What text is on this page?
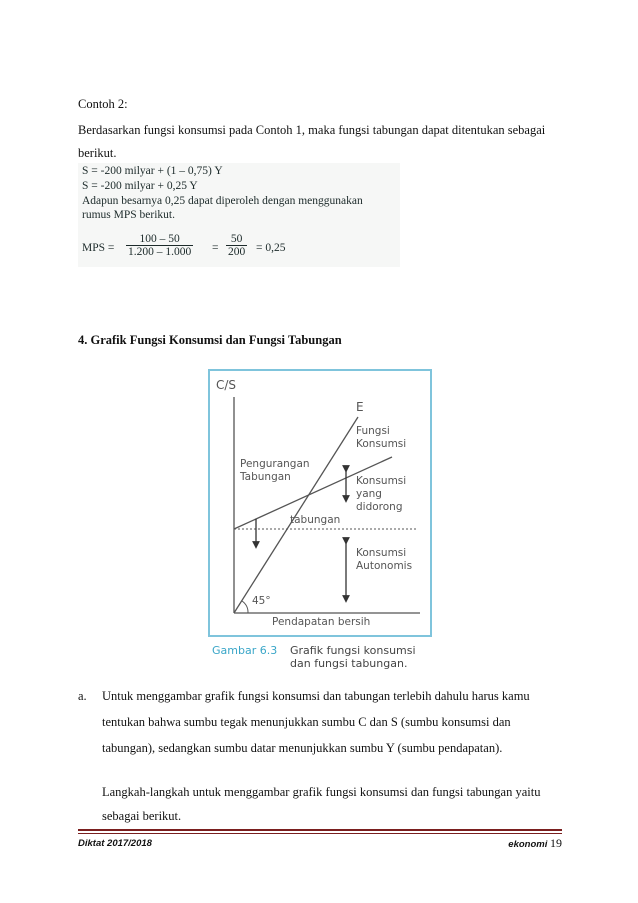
Contoh 2:
Berdasarkan fungsi konsumsi pada Contoh 1, maka fungsi tabungan dapat ditentukan sebagai
berikut.
S = -200 milyar + (1 – 0,75) Y
S = -200 milyar + 0,25 Y
Adapun besarnya 0,25 dapat diperoleh dengan menggunakan
rumus MPS berikut.
MPS = $\frac{100 - 50}{1.200 - 1.000} = \frac{50}{200} = 0,25$
4. Grafik Fungsi Konsumsi dan Fungsi Tabungan
C/S
E
Fungsi
Konsumsi
Pengurangan
Tabungan	Konsumsi
yang
didorong
tabungan
Konsumsi
Autonomis
45°
Pendapatan bersih
Gambar 6.3 Grafik fungsi konsumsi
dan fungsi tabungan.
a. Untuk menggambar grafik fungsi konsumsi dan tabungan terlebih dahulu harus kamu
tentukan bahwa sumbu tegak menunjukkan sumbu C dan S (sumbu konsumsi dan
tabungan), sedangkan sumbu datar menunjukkan sumbu Y (sumbu pendapatan).
Langkah-langkah untuk menggambar grafik fungsi konsumsi dan fungsi tabungan yaitu
sebagai berikut.
Diktat 2017/2018	ekonomi 19
